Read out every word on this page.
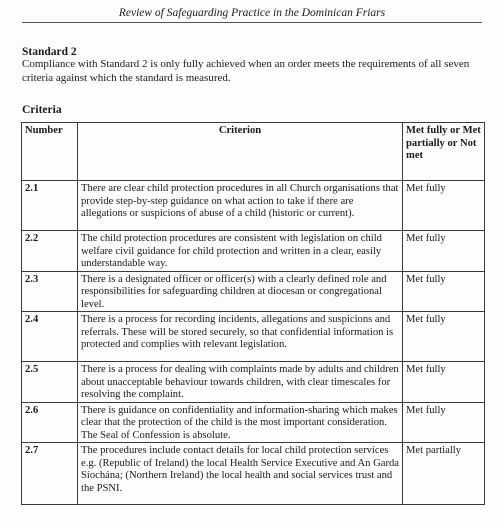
Review of Safeguarding Practice in the Dominican Friars
Standard 2
Compliance with Standard 2 is only fully achieved when an order meets the requirements of all seven criteria against which the standard is measured.
Criteria
Number	Criterion	Met fully or Met partially or Not met
2.1	There are clear child protection procedures in all Church organisations that provide step-by-step guidance on what action to take if there are allegations or suspicions of abuse of a child (historic or current).	Met fully
2.2	The child protection procedures are consistent with legislation on child welfare civil guidance for child protection and written in a clear, easily understandable way.	Met fully
2.3	There is a designated officer or officer(s) with a clearly defined role and responsibilities for safeguarding children at diocesan or congregational level.	Met fully
2.4	There is a process for recording incidents, allegations and suspicions and referrals. These will be stored securely, so that confidential information is protected and complies with relevant legislation.	Met fully
2.5	There is a process for dealing with complaints made by adults and children about unacceptable behaviour towards children, with clear timescales for resolving the complaint.	Met fully
2.6	There is guidance on confidentiality and information-sharing which makes clear that the protection of the child is the most important consideration. The Seal of Confession is absolute.	Met fully
2.7	The procedures include contact details for local child protection services e.g. (Republic of Ireland) the local Health Service Executive and An Garda Síochána; (Northern Ireland) the local health and social services trust and the PSNI.	Met partially
